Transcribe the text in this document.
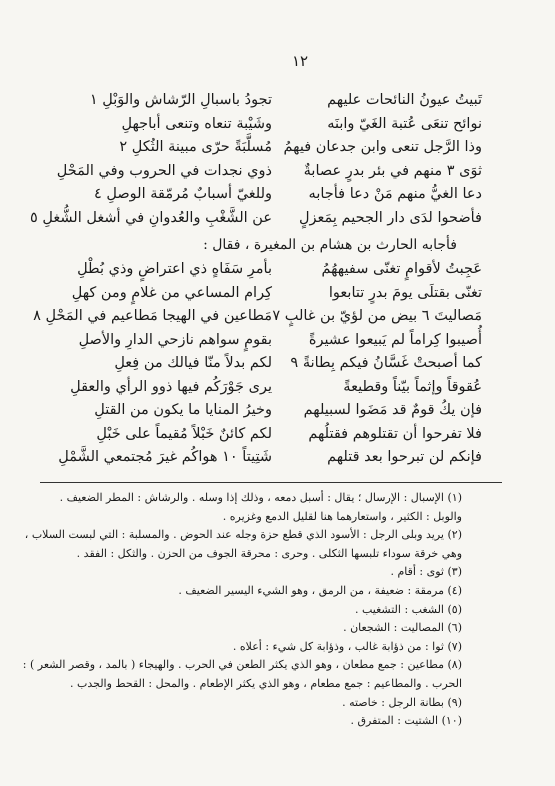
١٢
تَبيتُ عيونُ النائحات عليهم
تجودُ باسبالِ الرّشاش والوَبْلِ ١
نوائح تنعَى عُتبة الغَيّ وابنَه
وشَيْبة تنعاه وتنعى أباجهلِ
وذا الرَّجل تنعى وابن جدعان فيهمُ
مُسلَّبَةً حرّى مبينة الثُكلِ ٢
ثوَى ٣ منهم في بئر بدرٍ عصابةٌ
ذوي نجدات في الحروب وفي المَحْلِ
دعا الغيُّ منهم مَنْ دعا فأجابه
وللغيّ أسبابٌ مُرمّقة الوصلِ ٤
فأضحوا لدَى دار الجحيم بِمَعزلٍ
عن الشَّغْبِ والعُدوانِ في أشغل الشُّغلِ ٥
فأجابه الحارث بن هشام بن المغيرة ، فقال :
عَجِبتُ لأقوامٍ تغنّى سفيههُمُ
بأمرِ سَفَاهٍ ذي اعتراضٍ وذي بُطْلِ
تغنّى بقتلَى يومَ بدرٍ تتابعوا
كِرام المساعي من غلامٍ ومن كهلِ
مَصاليتَ ٦ بيض من لؤيّ بن غالبٍ ٧
مَطاعين في الهيجا مَطاعيم في المَحْلِ ٨
أُصيبوا كِراماً لم يَبيعوا عشيرةً
بقومٍ سواهم نازحي الدارِ والأصلِ
كما أصبحتْ غَسَّانُ فيكم بِطانةً ٩
لكم بدلاً منّا فيالك من فِعلِ
عُقوقاً وإثماً بيّناً وقطيعةً
يرى جَوْرَكُم فيها ذوو الرأي والعقلِ
فإن يكُ قومٌ قد مَضَوا لسبيلهم
وخيرُ المنايا ما يكون من القتلِ
فلا تفرحوا أن تقتلوهم فقتلُهم
لكم كائنٌ خَبْلاً مُقيماً على خَبْلِ
فإنكم لن تبرحوا بعد قتلهم
شَتِيتاً ١٠ هواكُم غيرَ مُجتمعي الشَّمْلِ
(١) الإسبال : الإرسال ؛ يقال : أسبل دمعه ، وذلك إذا وسله . والرشاش : المطر الضعيف .
والوبل : الكثير ، واستعارهما هنا لقليل الدمع وغزيره .
(٢) يريد وبلى الرجل : الأسود الذي قطع حزة وجله عند الحوض . والمسلبة : التي لبست السلاب ،
وهي خرقة سوداء تلبسها الثكلى . وحرى : محرقة الجوف من الحزن . والثكل : الفقد .
(٣) ثوى : أقام .
(٤) مرمقة : ضعيفة ، من الرمق ، وهو الشيء اليسير الضعيف .
(٥) الشغب : التشغيب .
(٦) المصاليت : الشجعان .
(٧) ثوا : من ذؤابة غالب ، وذؤابة كل شيء : أعلاه .
(٨) مطاعين : جمع مطعان ، وهو الذي يكثر الطعن في الحرب . والهيجاء ( بالمد ، وقصر الشعر ) :
الحرب . والمطاعيم : جمع مطعام ، وهو الذي يكثر الإطعام . والمحل : القحط والجدب .
(٩) بطانة الرجل : خاصته .
(١٠) الشتيت : المتفرق .
